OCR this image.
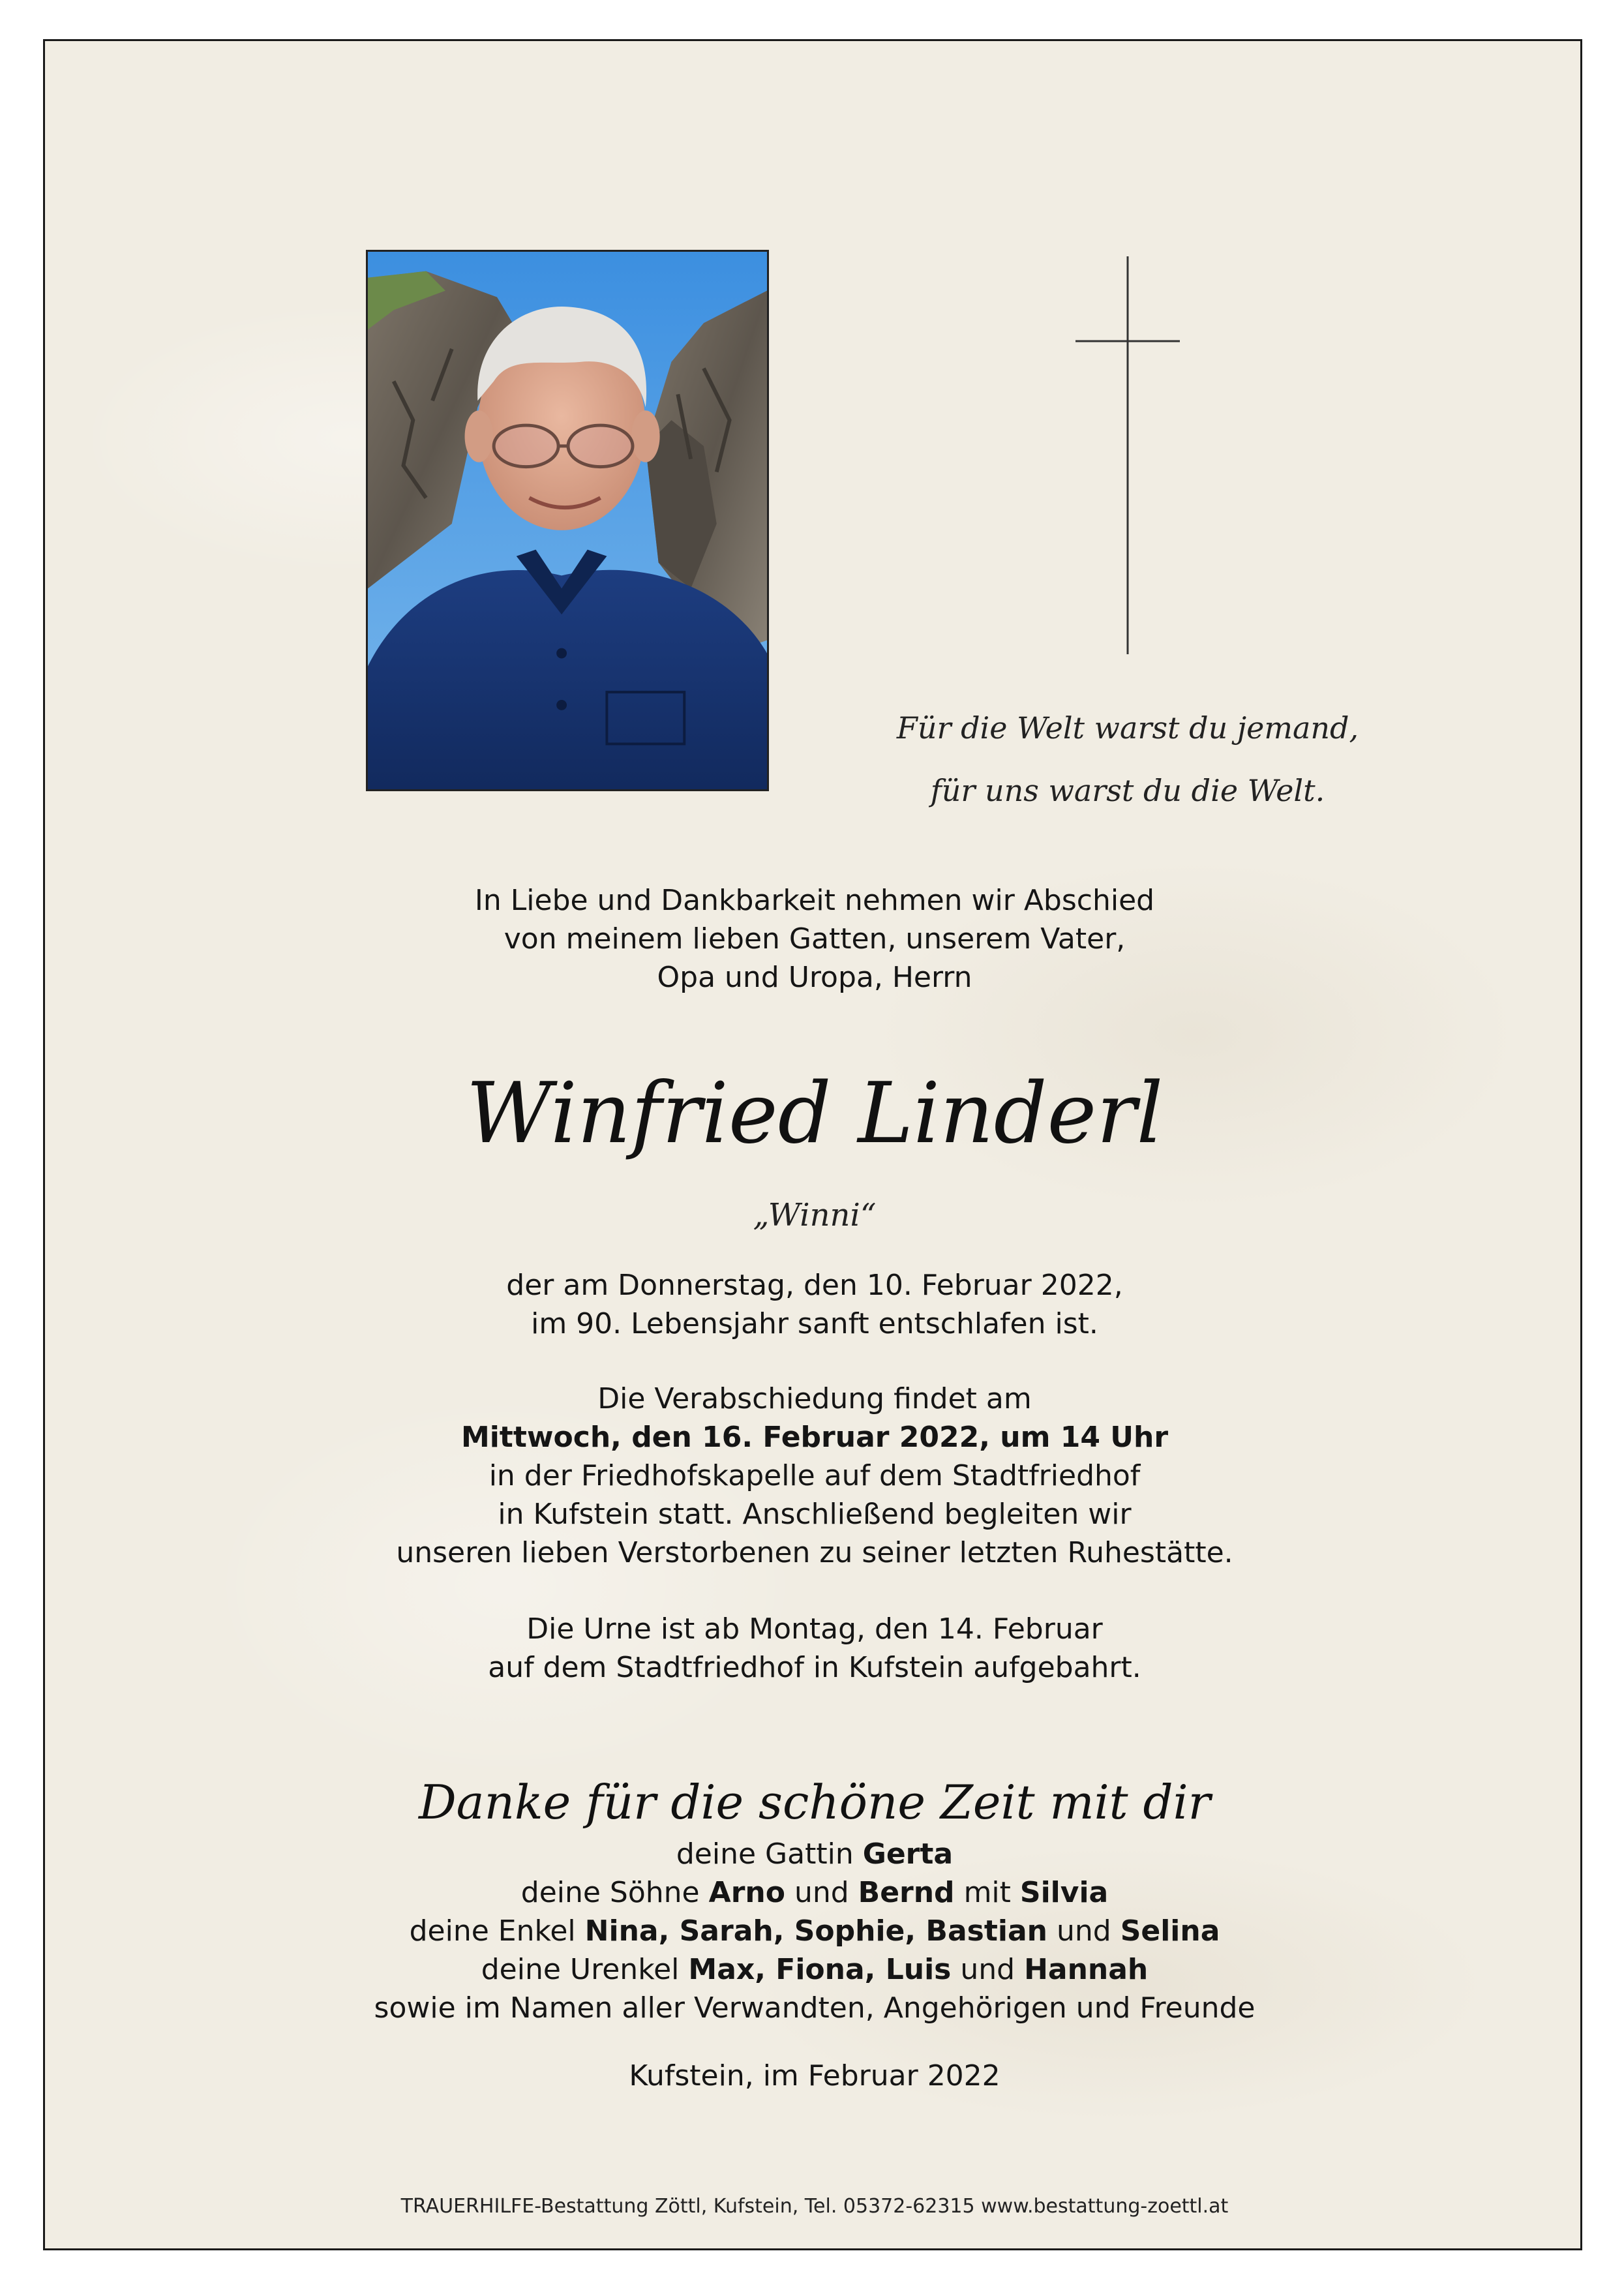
Für die Welt warst du jemand,
für uns warst du die Welt.
In Liebe und Dankbarkeit nehmen wir Abschied
von meinem lieben Gatten, unserem Vater,
Opa und Uropa, Herrn
Winfried Linderl
„Winni“
der am Donnerstag, den 10. Februar 2022,
im 90. Lebensjahr sanft entschlafen ist.
Die Verabschiedung findet am
Mittwoch, den 16. Februar 2022, um 14 Uhr
in der Friedhofskapelle auf dem Stadtfriedhof
in Kufstein statt. Anschließend begleiten wir
unseren lieben Verstorbenen zu seiner letzten Ruhestätte.
Die Urne ist ab Montag, den 14. Februar
auf dem Stadtfriedhof in Kufstein aufgebahrt.
Danke für die schöne Zeit mit dir
deine Gattin Gerta
deine Söhne Arno und Bernd mit Silvia
deine Enkel Nina, Sarah, Sophie, Bastian und Selina
deine Urenkel Max, Fiona, Luis und Hannah
sowie im Namen aller Verwandten, Angehörigen und Freunde
Kufstein, im Februar 2022
TRAUERHILFE-Bestattung Zöttl, Kufstein, Tel. 05372-62315 www.bestattung-zoettl.at
